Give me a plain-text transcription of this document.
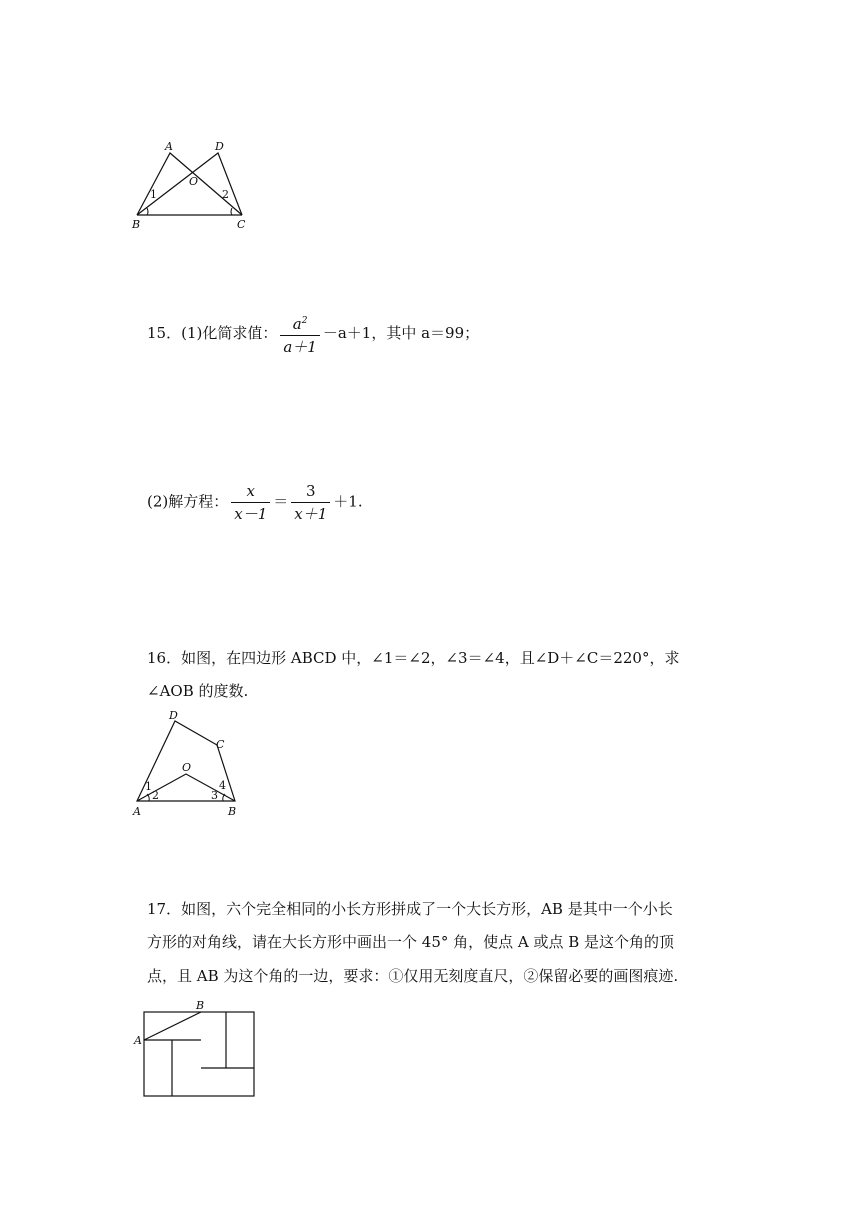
A	D
O
B	C
1	2
15．(1)化简求值： $\frac{a^2}{a+1} -a+1$，其中 a＝99；
(2)解方程： $\frac{x}{x-1} = \frac{3}{x+1} +1$.
16．如图，在四边形 ABCD 中，∠1＝∠2，∠3＝∠4，且∠D＋∠C＝220°，求
∠AOB 的度数.
D
C
O
A	B
1
2	3
4
17．如图，六个完全相同的小长方形拼成了一个大长方形，AB 是其中一个小长
方形的对角线，请在大长方形中画出一个 45° 角，使点 A 或点 B 是这个角的顶
点，且 AB 为这个角的一边，要求：①仅用无刻度直尺，②保留必要的画图痕迹.
A
B
